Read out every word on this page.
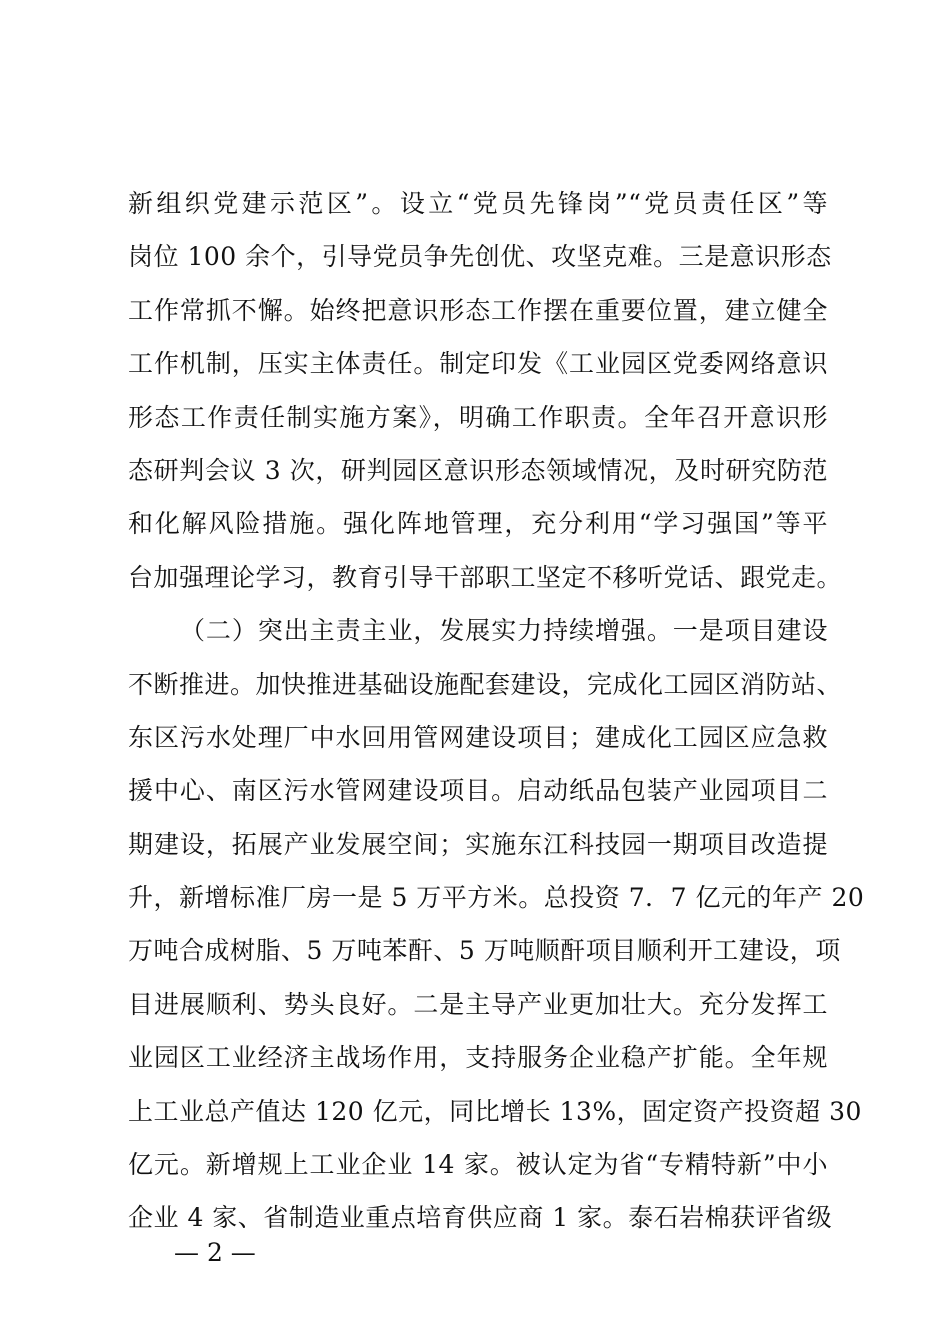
新组织党建示范区”。设立“党员先锋岗”“党员责任区”等
岗位 100 余个，引导党员争先创优、攻坚克难。三是意识形态
工作常抓不懈。始终把意识形态工作摆在重要位置，建立健全
工作机制，压实主体责任。制定印发《工业园区党委网络意识
形态工作责任制实施方案》，明确工作职责。全年召开意识形
态研判会议 3 次，研判园区意识形态领域情况，及时研究防范
和化解风险措施。强化阵地管理，充分利用“学习强国”等平
台加强理论学习，教育引导干部职工坚定不移听党话、跟党走。
（二）突出主责主业，发展实力持续增强。一是项目建设
不断推进。加快推进基础设施配套建设，完成化工园区消防站、
东区污水处理厂中水回用管网建设项目；建成化工园区应急救
援中心、南区污水管网建设项目。启动纸品包装产业园项目二
期建设，拓展产业发展空间；实施东江科技园一期项目改造提
升，新增标准厂房一是 5 万平方米。总投资 7．7 亿元的年产 20
万吨合成树脂、5 万吨苯酐、5 万吨顺酐项目顺利开工建设，项
目进展顺利、势头良好。二是主导产业更加壮大。充分发挥工
业园区工业经济主战场作用，支持服务企业稳产扩能。全年规
上工业总产值达 120 亿元，同比增长 13%，固定资产投资超 30
亿元。新增规上工业企业 14 家。被认定为省“专精特新”中小
企业 4 家、省制造业重点培育供应商 1 家。泰石岩棉获评省级
— 2 —
